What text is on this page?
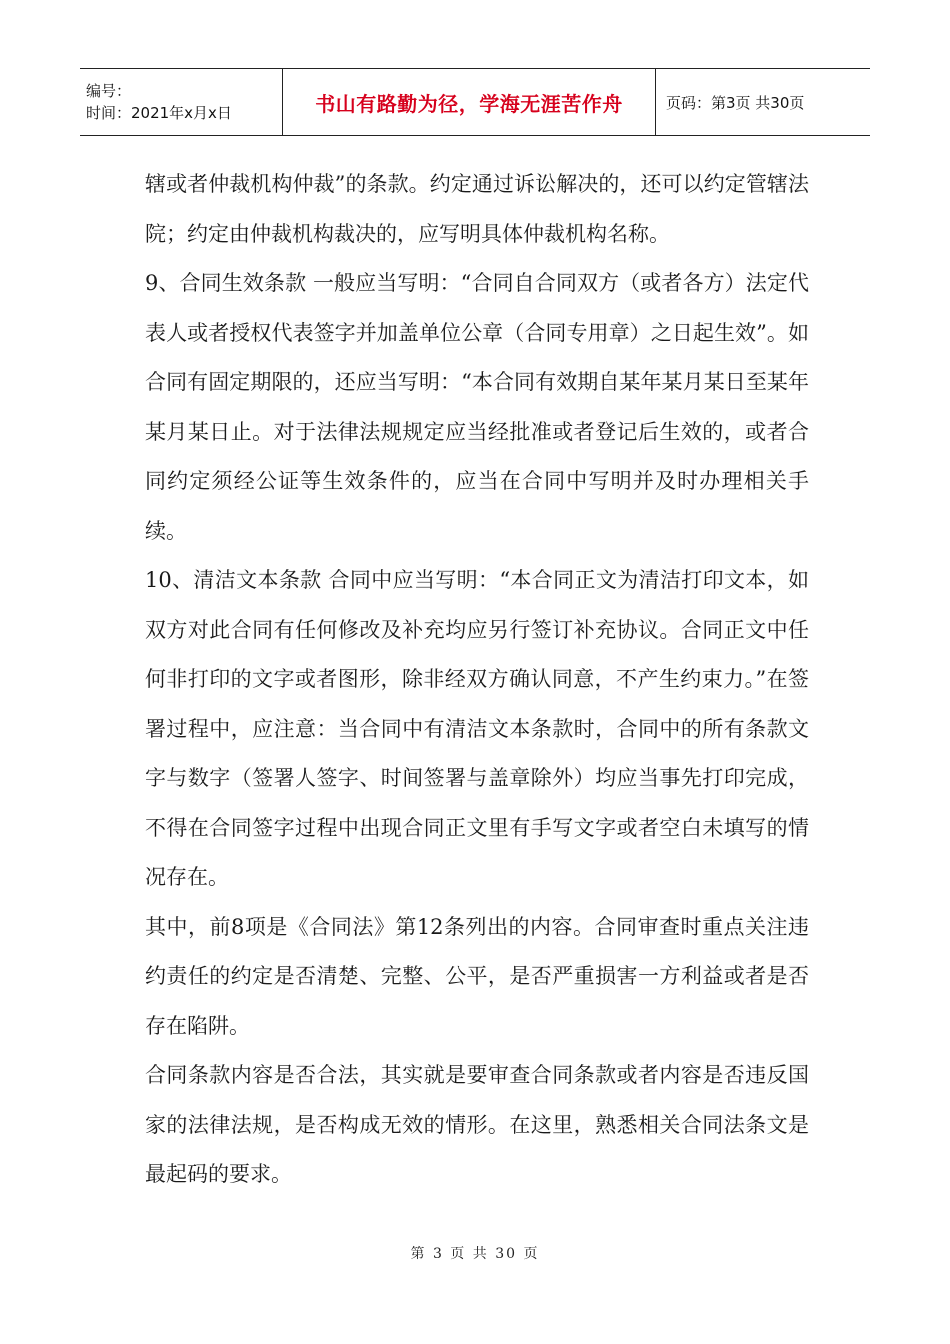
编号：
时间：2021年x月x日	书山有路勤为径，学海无涯苦作舟	页码：第3页 共30页

辖或者仲裁机构仲裁”的条款。约定通过诉讼解决的，还可以约定管辖法院；约定由仲裁机构裁决的，应写明具体仲裁机构名称。

9、合同生效条款 一般应当写明：“合同自合同双方（或者各方）法定代表人或者授权代表签字并加盖单位公章（合同专用章）之日起生效”。如合同有固定期限的，还应当写明：“本合同有效期自某年某月某日至某年某月某日止。对于法律法规规定应当经批准或者登记后生效的，或者合同约定须经公证等生效条件的，应当在合同中写明并及时办理相关手续。

10、清洁文本条款 合同中应当写明：“本合同正文为清洁打印文本，如双方对此合同有任何修改及补充均应另行签订补充协议。合同正文中任何非打印的文字或者图形，除非经双方确认同意，不产生约束力。”在签署过程中，应注意：当合同中有清洁文本条款时，合同中的所有条款文字与数字（签署人签字、时间签署与盖章除外）均应当事先打印完成，不得在合同签字过程中出现合同正文里有手写文字或者空白未填写的情况存在。

其中，前8项是《合同法》第12条列出的内容。合同审查时重点关注违约责任的约定是否清楚、完整、公平，是否严重损害一方利益或者是否存在陷阱。

合同条款内容是否合法，其实就是要审查合同条款或者内容是否违反国家的法律法规，是否构成无效的情形。在这里，熟悉相关合同法条文是最起码的要求。

第 3 页 共 30 页
